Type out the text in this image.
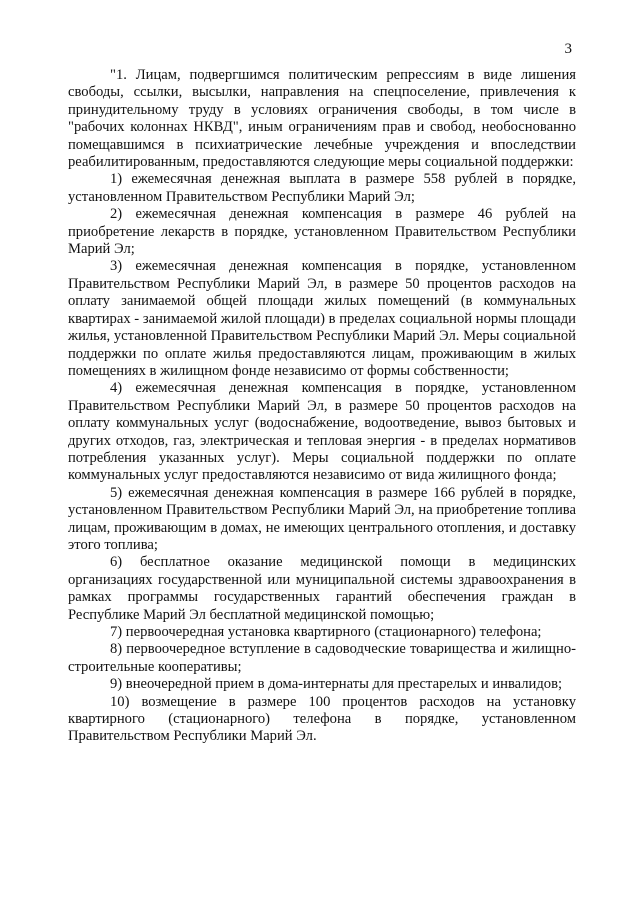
3

"1. Лицам, подвергшимся политическим репрессиям в виде лишения свободы, ссылки, высылки, направления на спецпоселение, привлечения к принудительному труду в условиях ограничения свободы, в том числе в "рабочих колоннах НКВД", иным ограничениям прав и свобод, необоснованно помещавшимся в психиатрические лечебные учреждения и впоследствии реабилитированным, предоставляются следующие меры социальной поддержки:

1) ежемесячная денежная выплата в размере 558 рублей в порядке, установленном Правительством Республики Марий Эл;

2) ежемесячная денежная компенсация в размере 46 рублей на приобретение лекарств в порядке, установленном Правительством Республики Марий Эл;

3) ежемесячная денежная компенсация в порядке, установленном Правительством Республики Марий Эл, в размере 50 процентов расходов на оплату занимаемой общей площади жилых помещений (в коммунальных квартирах - занимаемой жилой площади) в пределах социальной нормы площади жилья, установленной Правительством Республики Марий Эл. Меры социальной поддержки по оплате жилья предоставляются лицам, проживающим в жилых помещениях в жилищном фонде независимо от формы собственности;

4) ежемесячная денежная компенсация в порядке, установленном Правительством Республики Марий Эл, в размере 50 процентов расходов на оплату коммунальных услуг (водоснабжение, водоотведение, вывоз бытовых и других отходов, газ, электрическая и тепловая энергия - в пределах нормативов потребления указанных услуг). Меры социальной поддержки по оплате коммунальных услуг предоставляются независимо от вида жилищного фонда;

5) ежемесячная денежная компенсация в размере 166 рублей в порядке, установленном Правительством Республики Марий Эл, на приобретение топлива лицам, проживающим в домах, не имеющих центрального отопления, и доставку этого топлива;

6) бесплатное оказание медицинской помощи в медицинских организациях государственной или муниципальной системы здравоохранения в рамках программы государственных гарантий обеспечения граждан в Республике Марий Эл бесплатной медицинской помощью;

7) первоочередная установка квартирного (стационарного) телефона;

8) первоочередное вступление в садоводческие товарищества и жилищно-строительные кооперативы;

9) внеочередной прием в дома-интернаты для престарелых и инвалидов;

10) возмещение в размере 100 процентов расходов на установку квартирного (стационарного) телефона в порядке, установленном Правительством Республики Марий Эл.
